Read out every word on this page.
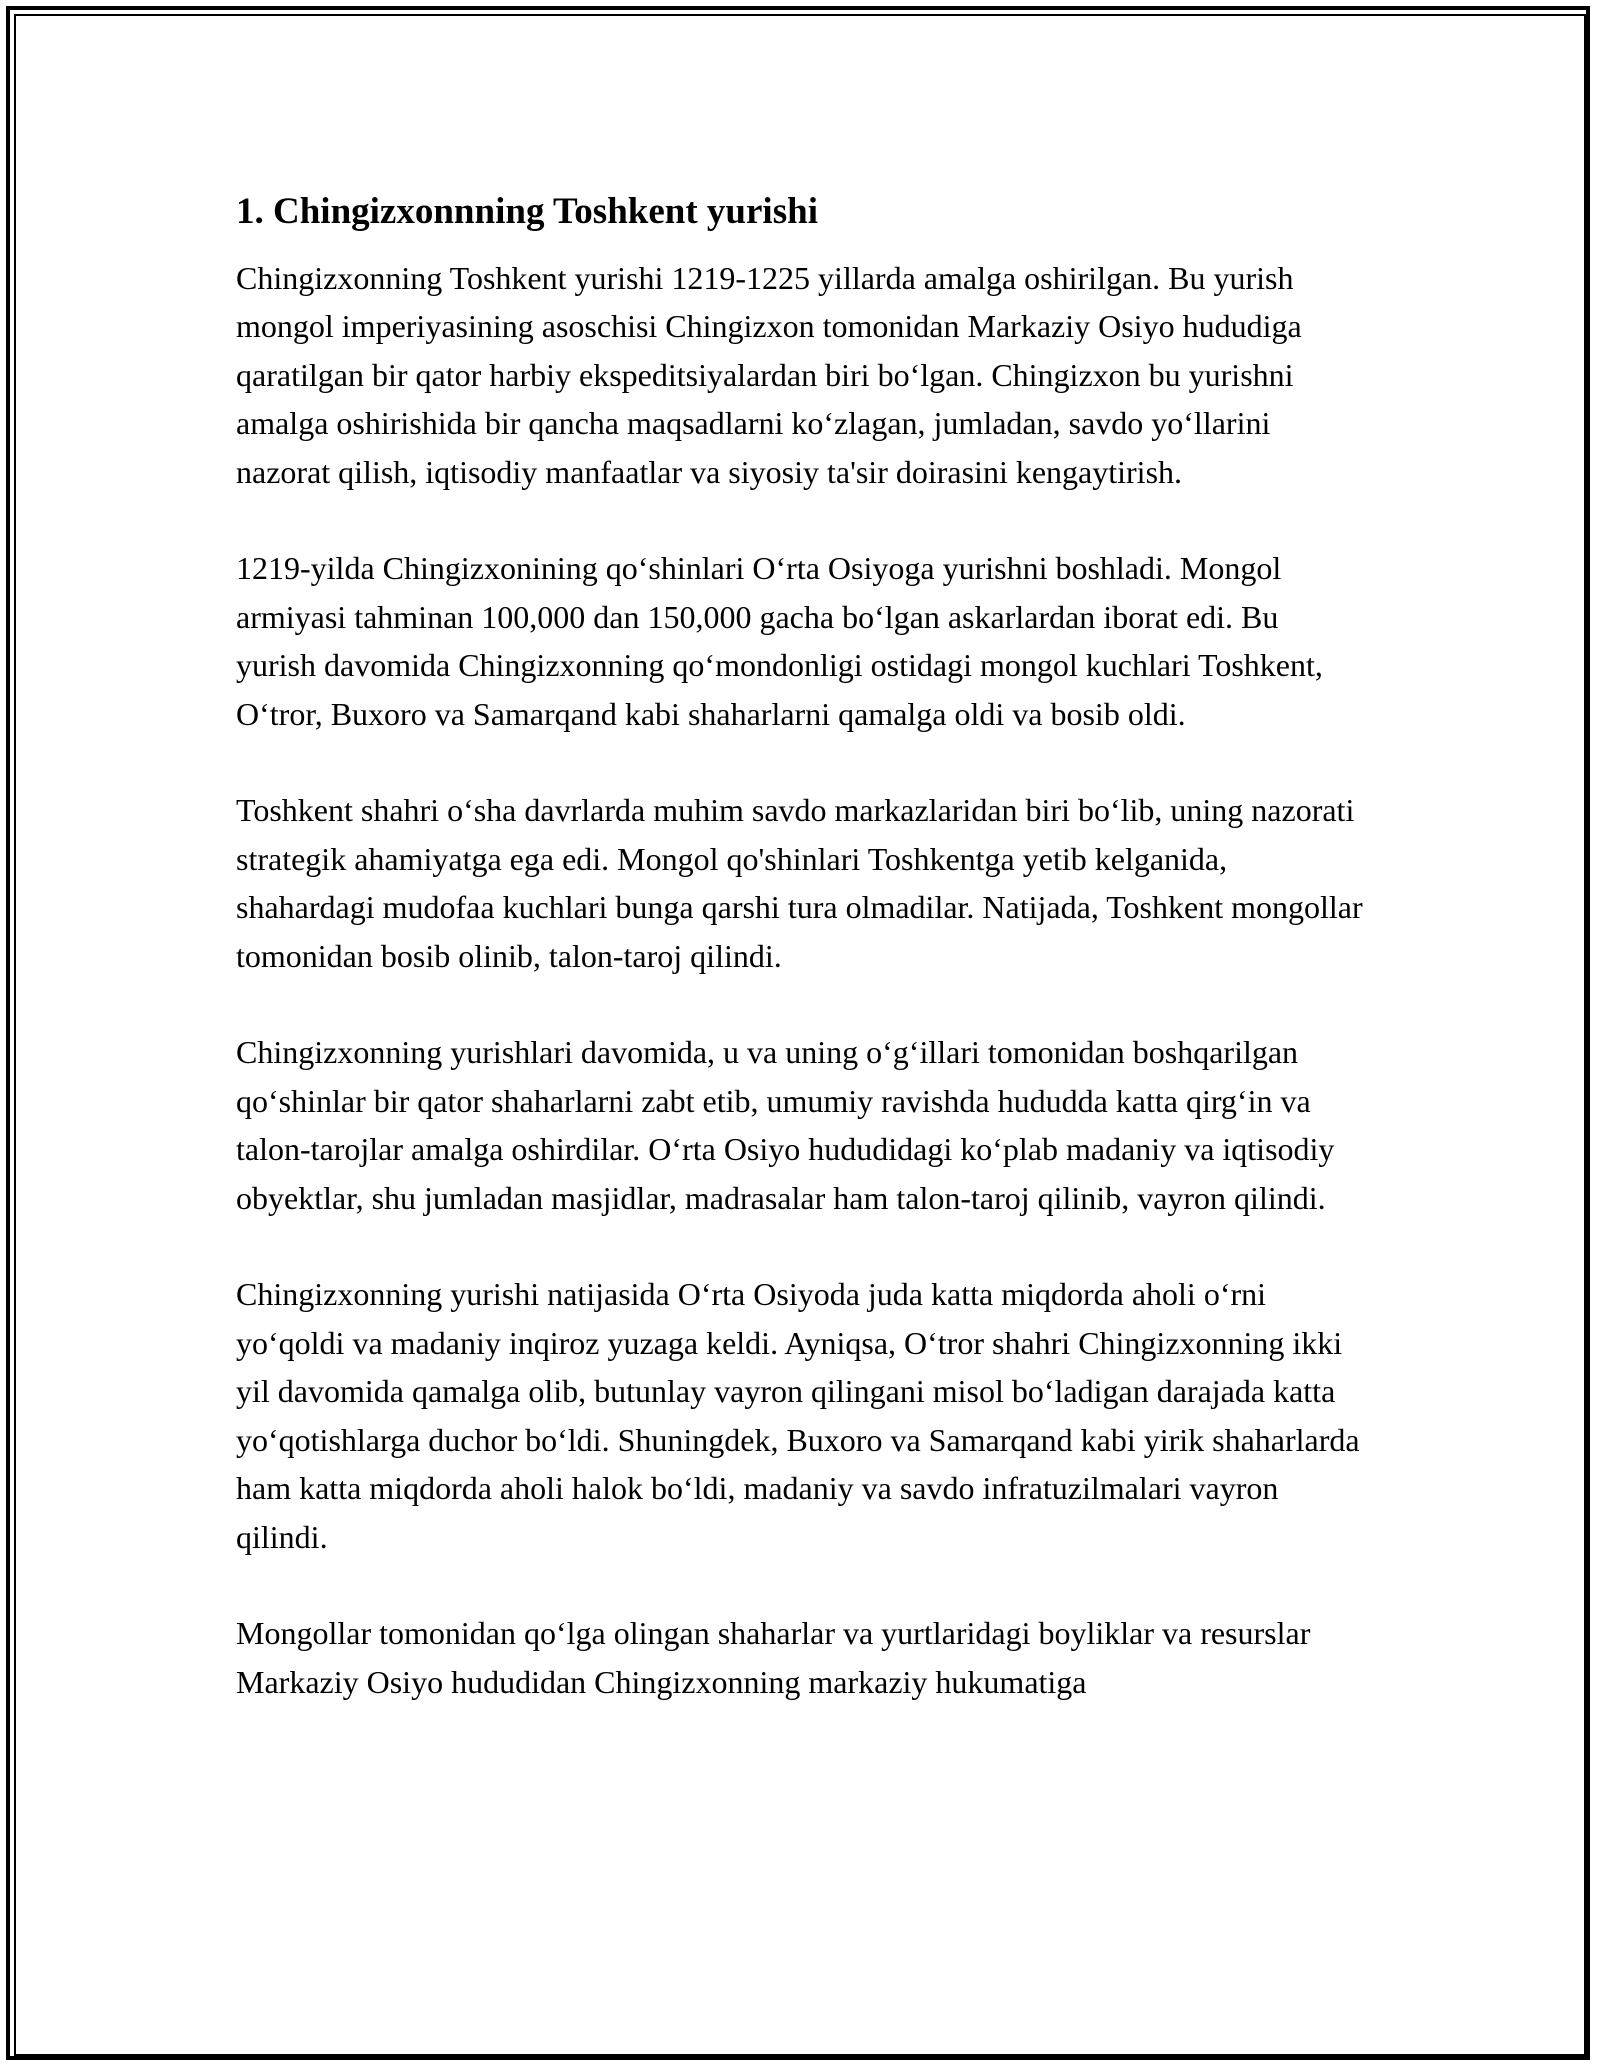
1. Chingizxonnning Toshkent yurishi

Chingizxonning Toshkent yurishi 1219-1225 yillarda amalga oshirilgan. Bu yurish mongol imperiyasining asoschisi Chingizxon tomonidan Markaziy Osiyo hududiga qaratilgan bir qator harbiy ekspeditsiyalardan biri bo‘lgan. Chingizxon bu yurishni amalga oshirishida bir qancha maqsadlarni ko‘zlagan, jumladan, savdo yo‘llarini nazorat qilish, iqtisodiy manfaatlar va siyosiy ta'sir doirasini kengaytirish.

1219-yilda Chingizxonining qo‘shinlari O‘rta Osiyoga yurishni boshladi. Mongol armiyasi tahminan 100,000 dan 150,000 gacha bo‘lgan askarlardan iborat edi. Bu yurish davomida Chingizxonning qo‘mondonligi ostidagi mongol kuchlari Toshkent, O‘tror, Buxoro va Samarqand kabi shaharlarni qamalga oldi va bosib oldi.

Toshkent shahri o‘sha davrlarda muhim savdo markazlaridan biri bo‘lib, uning nazorati strategik ahamiyatga ega edi. Mongol qo'shinlari Toshkentga yetib kelganida, shahardagi mudofaa kuchlari bunga qarshi tura olmadilar. Natijada, Toshkent mongollar tomonidan bosib olinib, talon-taroj qilindi.

Chingizxonning yurishlari davomida, u va uning o‘g‘illari tomonidan boshqarilgan qo‘shinlar bir qator shaharlarni zabt etib, umumiy ravishda hududda katta qirg‘in va talon-tarojlar amalga oshirdilar. O‘rta Osiyo hududidagi ko‘plab madaniy va iqtisodiy obyektlar, shu jumladan masjidlar, madrasalar ham talon-taroj qilinib, vayron qilindi.

Chingizxonning yurishi natijasida O‘rta Osiyoda juda katta miqdorda aholi o‘rni yo‘qoldi va madaniy inqiroz yuzaga keldi. Ayniqsa, O‘tror shahri Chingizxonning ikki yil davomida qamalga olib, butunlay vayron qilingani misol bo‘ladigan darajada katta yo‘qotishlarga duchor bo‘ldi. Shuningdek, Buxoro va Samarqand kabi yirik shaharlarda ham katta miqdorda aholi halok bo‘ldi, madaniy va savdo infratuzilmalari vayron qilindi.

Mongollar tomonidan qo‘lga olingan shaharlar va yurtlaridagi boyliklar va resurslar Markaziy Osiyo hududidan Chingizxonning markaziy hukumatiga
